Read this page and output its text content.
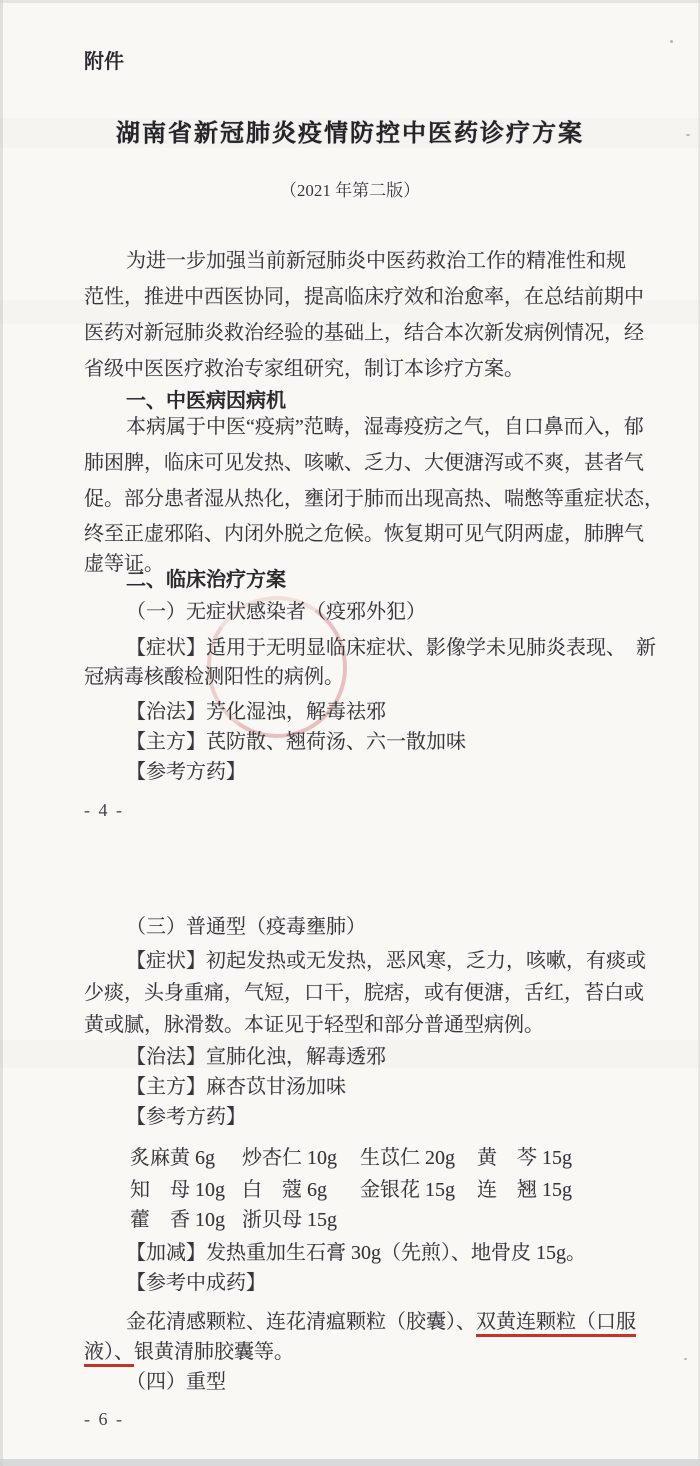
附件
湖南省新冠肺炎疫情防控中医药诊疗方案
（2021 年第二版）
为进一步加强当前新冠肺炎中医药救治工作的精准性和规
范性，推进中西医协同，提高临床疗效和治愈率，在总结前期中
医药对新冠肺炎救治经验的基础上，结合本次新发病例情况，经
省级中医医疗救治专家组研究，制订本诊疗方案。
一、中医病因病机
本病属于中医“疫病”范畴，湿毒疫疠之气，自口鼻而入，郁
肺困脾，临床可见发热、咳嗽、乏力、大便溏泻或不爽，甚者气
促。部分患者湿从热化，壅闭于肺而出现高热、喘憋等重症状态，
终至正虚邪陷、内闭外脱之危候。恢复期可见气阴两虚，肺脾气
虚等证。
二、临床治疗方案
（一）无症状感染者（疫邪外犯）
【症状】适用于无明显临床症状、影像学未见肺炎表现、　新
冠病毒核酸检测阳性的病例。
【治法】芳化湿浊，解毒祛邪
【主方】芪防散、翘荷汤、六一散加味
【参考方药】
- 4 -
（三）普通型（疫毒壅肺）
【症状】初起发热或无发热，恶风寒，乏力，咳嗽，有痰或
少痰，头身重痛，气短，口干，脘痞，或有便溏，舌红，苔白或
黄或腻，脉滑数。本证见于轻型和部分普通型病例。
【治法】宣肺化浊，解毒透邪
【主方】麻杏苡甘汤加味
【参考方药】
炙麻黄 6g	炒杏仁 10g	生苡仁 20g	黄　芩 15g
知　母 10g 白　蔻 6g	金银花 15g	连　翘 15g
藿　香 10g 浙贝母 15g
【加减】发热重加生石膏 30g（先煎）、地骨皮 15g。
【参考中成药】
金花清感颗粒、连花清瘟颗粒（胶囊）、双黄连颗粒（口服
液）、银黄清肺胶囊等。
（四）重型
- 6 -
